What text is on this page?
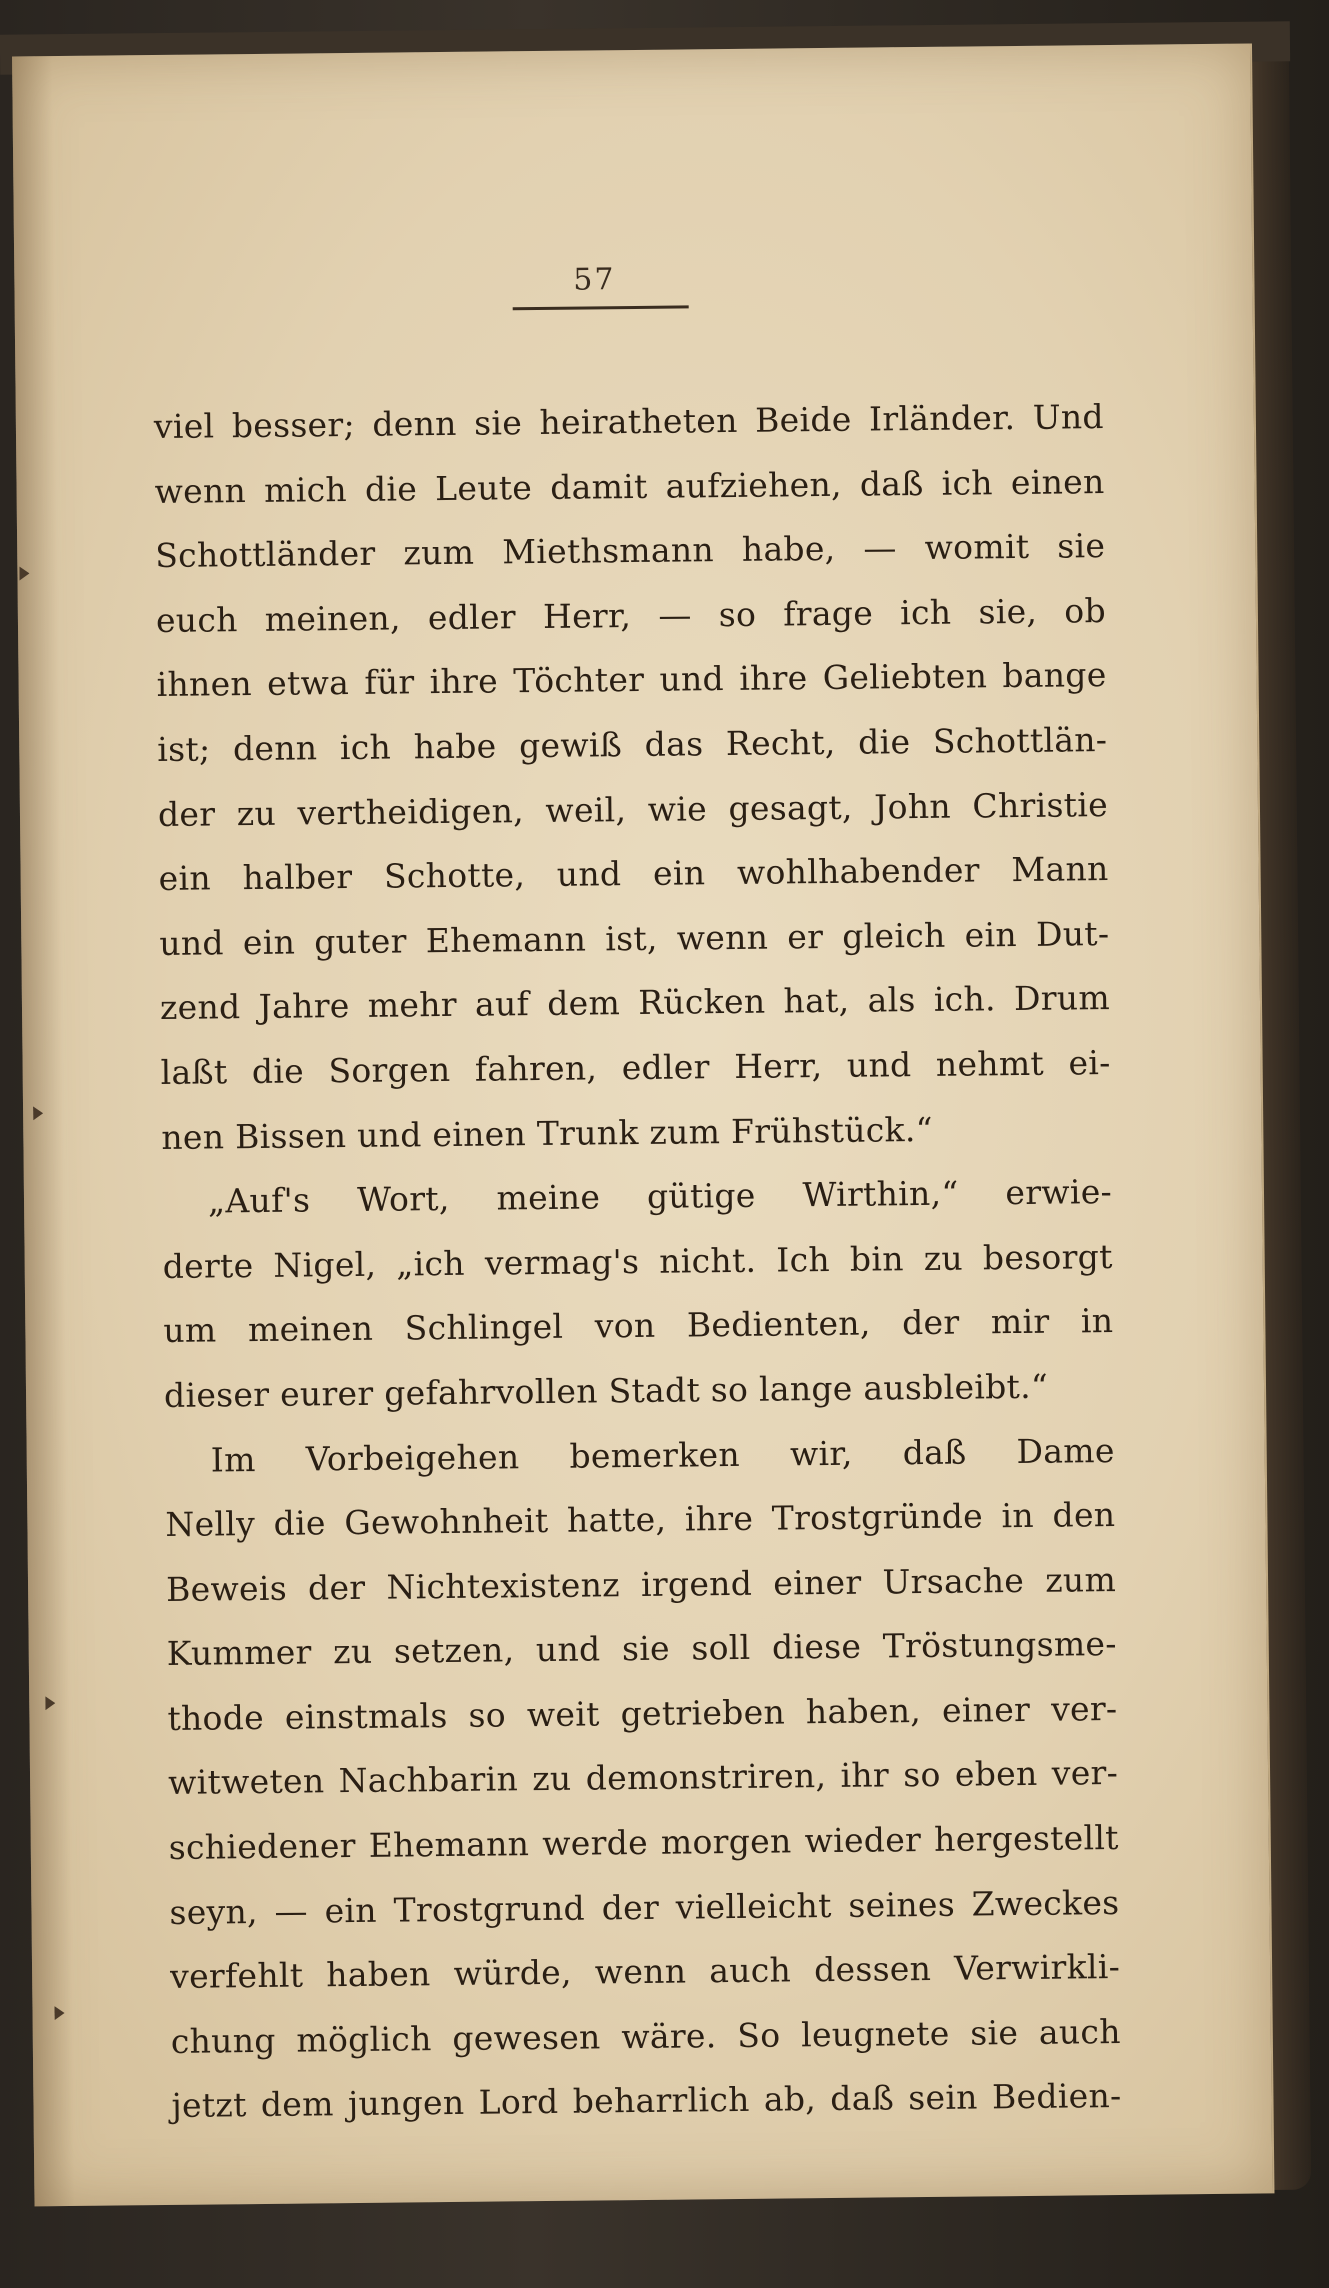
57
viel besser; denn sie heiratheten Beide Irländer. Und
wenn mich die Leute damit aufziehen, daß ich einen
Schottländer zum Miethsmann habe, — womit sie
euch meinen, edler Herr, — so frage ich sie, ob
ihnen etwa für ihre Töchter und ihre Geliebten bange
ist; denn ich habe gewiß das Recht, die Schottlän-
der zu vertheidigen, weil, wie gesagt, John Christie
ein halber Schotte, und ein wohlhabender Mann
und ein guter Ehemann ist, wenn er gleich ein Dut-
zend Jahre mehr auf dem Rücken hat, als ich. Drum
laßt die Sorgen fahren, edler Herr, und nehmt ei-
nen Bissen und einen Trunk zum Frühstück.“
„Auf's Wort, meine gütige Wirthin,“ erwie-
derte Nigel, „ich vermag's nicht. Ich bin zu besorgt
um meinen Schlingel von Bedienten, der mir in
dieser eurer gefahrvollen Stadt so lange ausbleibt.“
Im Vorbeigehen bemerken wir, daß Dame
Nelly die Gewohnheit hatte, ihre Trostgründe in den
Beweis der Nichtexistenz irgend einer Ursache zum
Kummer zu setzen, und sie soll diese Tröstungsme-
thode einstmals so weit getrieben haben, einer ver-
witweten Nachbarin zu demonstriren, ihr so eben ver-
schiedener Ehemann werde morgen wieder hergestellt
seyn, — ein Trostgrund der vielleicht seines Zweckes
verfehlt haben würde, wenn auch dessen Verwirkli-
chung möglich gewesen wäre. So leugnete sie auch
jetzt dem jungen Lord beharrlich ab, daß sein Bedien-
